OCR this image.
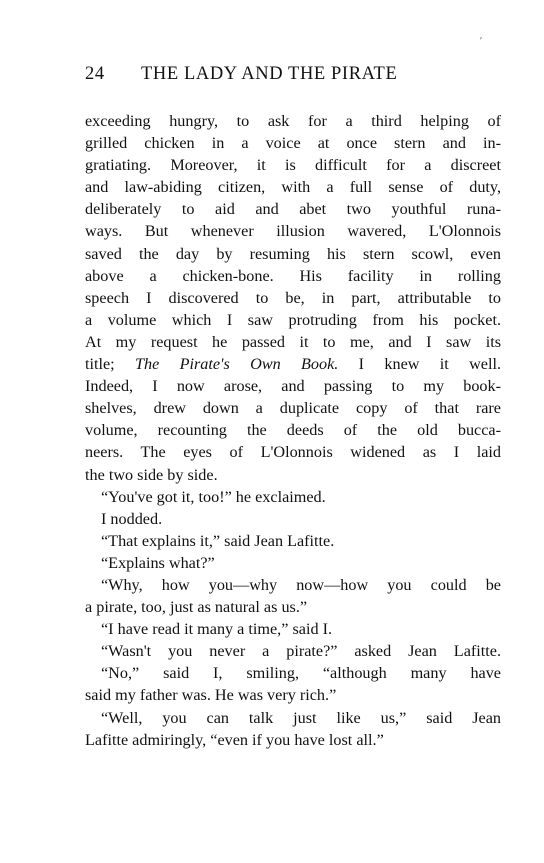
′
24 THE LADY AND THE PIRATE
exceeding hungry, to ask for a third helping of
grilled chicken in a voice at once stern and in-
gratiating. Moreover, it is difficult for a discreet
and law-abiding citizen, with a full sense of duty,
deliberately to aid and abet two youthful runa-
ways. But whenever illusion wavered, L'Olonnois
saved the day by resuming his stern scowl, even
above a chicken-bone. His facility in rolling
speech I discovered to be, in part, attributable to
a volume which I saw protruding from his pocket.
At my request he passed it to me, and I saw its
title; The Pirate's Own Book. I knew it well.
Indeed, I now arose, and passing to my book-
shelves, drew down a duplicate copy of that rare
volume, recounting the deeds of the old bucca-
neers. The eyes of L'Olonnois widened as I laid
the two side by side.
“You've got it, too!” he exclaimed.
I nodded.
“That explains it,” said Jean Lafitte.
“Explains what?”
“Why, how you—why now—how you could be
a pirate, too, just as natural as us.”
“I have read it many a time,” said I.
“Wasn't you never a pirate?” asked Jean Lafitte.
“No,” said I, smiling, “although many have
said my father was. He was very rich.”
“Well, you can talk just like us,” said Jean
Lafitte admiringly, “even if you have lost all.”
